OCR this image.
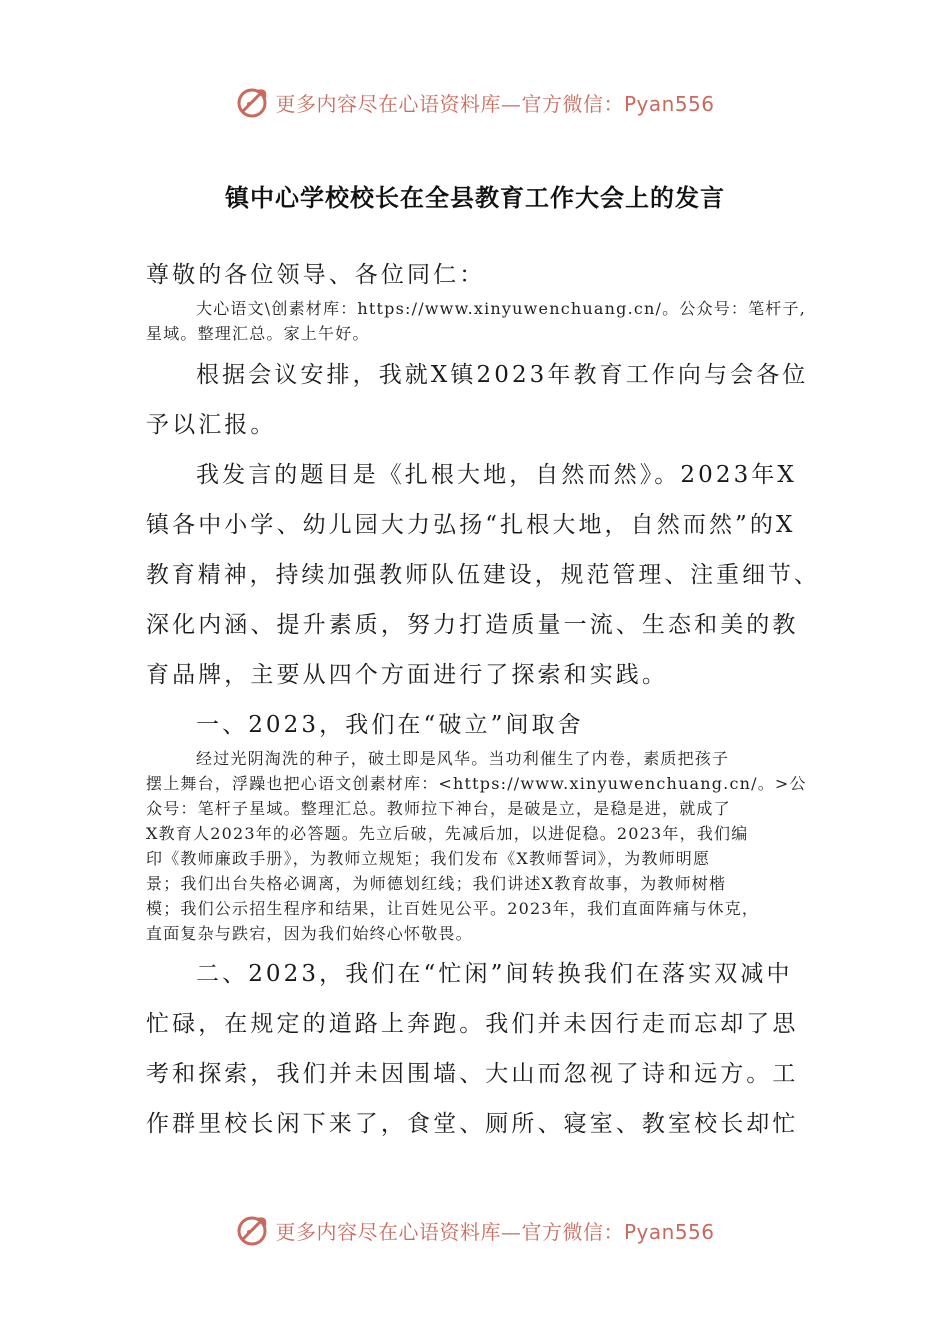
更多内容尽在心语资料库—官方微信：Pyan556
镇中心学校校长在全县教育工作大会上的发言
尊敬的各位领导、各位同仁：
大心语文\创素材库：https://www.xinyuwenchuang.cn/。公众号：笔杆子,
星域。整理汇总。家上午好。
根据会议安排，我就X镇2023年教育工作向与会各位
予以汇报。
我发言的题目是《扎根大地，自然而然》。2023年X
镇各中小学、幼儿园大力弘扬“扎根大地，自然而然”的X
教育精神，持续加强教师队伍建设，规范管理、注重细节、
深化内涵、提升素质，努力打造质量一流、生态和美的教
育品牌，主要从四个方面进行了探索和实践。
一、2023，我们在“破立”间取舍
经过光阴淘洗的种子，破土即是风华。当功利催生了内卷，素质把孩子
摆上舞台，浮躁也把心语文创素材库：<https://www.xinyuwenchuang.cn/。>公
众号：笔杆子星域。整理汇总。教师拉下神台，是破是立，是稳是进，就成了
X教育人2023年的必答题。先立后破，先减后加，以进促稳。2023年，我们编
印《教师廉政手册》，为教师立规矩；我们发布《X教师誓词》，为教师明愿
景；我们出台失格必调离，为师德划红线；我们讲述X教育故事，为教师树楷
模；我们公示招生程序和结果，让百姓见公平。2023年，我们直面阵痛与休克，
直面复杂与跌宕，因为我们始终心怀敬畏。
二、2023，我们在“忙闲”间转换我们在落实双减中
忙碌，在规定的道路上奔跑。我们并未因行走而忘却了思
考和探索，我们并未因围墙、大山而忽视了诗和远方。工
作群里校长闲下来了，食堂、厕所、寝室、教室校长却忙
更多内容尽在心语资料库—官方微信：Pyan556
